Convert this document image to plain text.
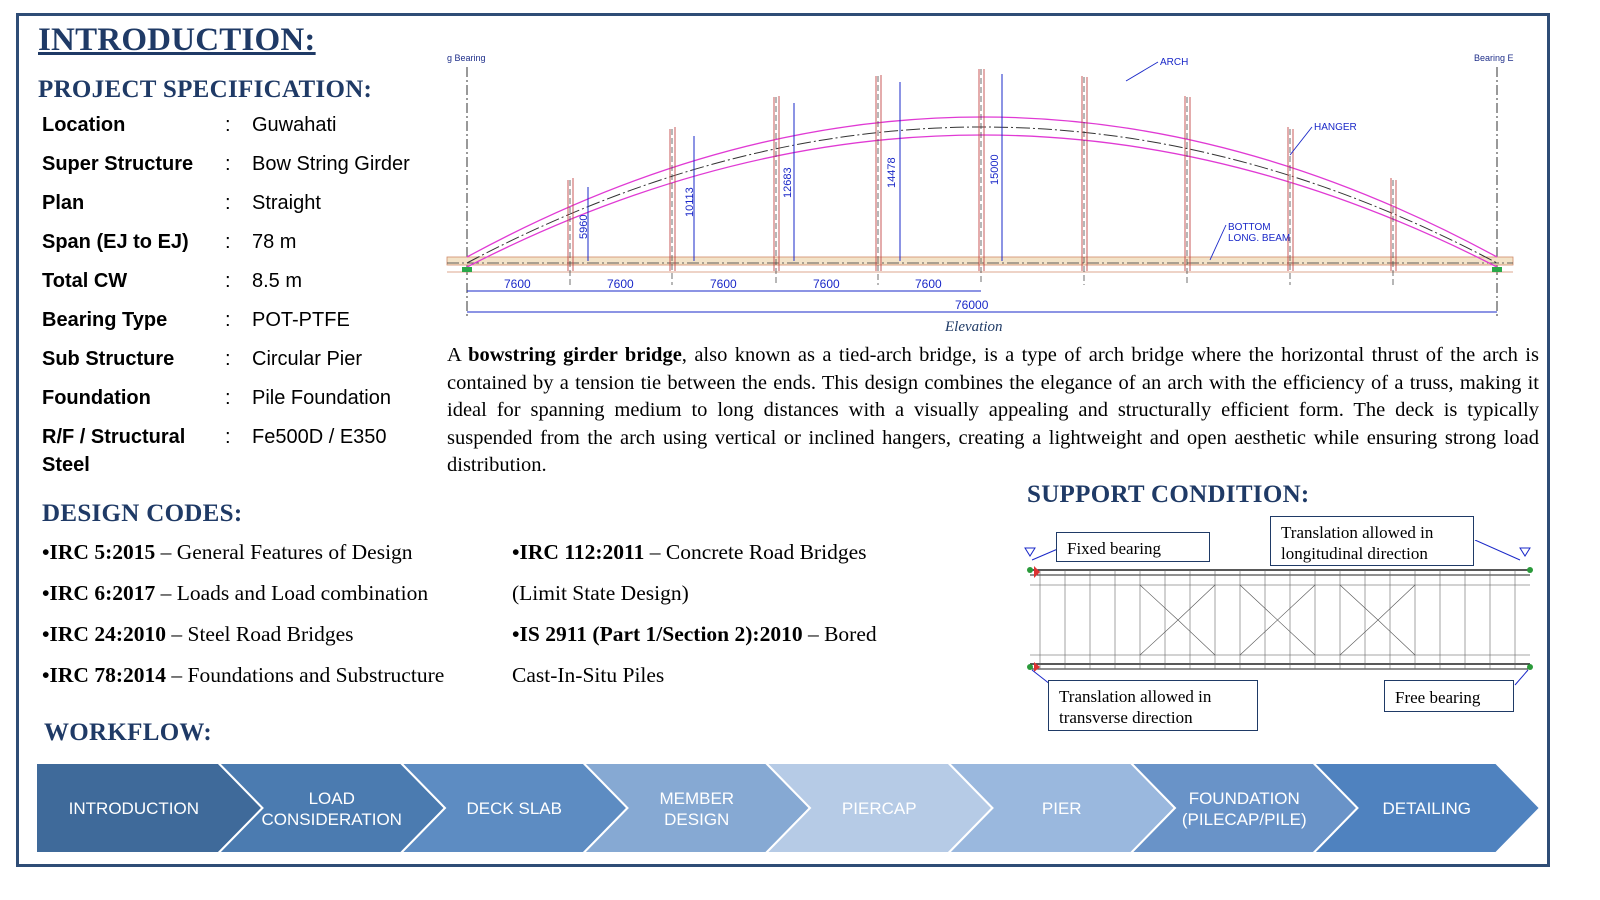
INTRODUCTION:
PROJECT SPECIFICATION:
Location	: Guwahati
Super Structure	: Bow String Girder
Plan	: Straight
Span (EJ to EJ)	: 78 m
Total CW	: 8.5 m
Bearing Type	: POT-PTFE
Sub Structure	: Circular Pier
Foundation	: Pile Foundation
R/F / Structural	: Fe500D / E350
Steel
g Bearing	Bearing E
5960
10113
12683	14478	15000
7600	7600	7600	7600	7600
76000
ARCH
HANGER
BOTTOM
LONG. BEAM
Elevation
A bowstring girder bridge, also known as a tied-arch bridge, is a type of arch bridge where the horizontal thrust of the arch is contained by a tension tie between the ends. This design combines the elegance of an arch with the efficiency of a truss, making it ideal for spanning medium to long distances with a visually appealing and structurally efficient form. The deck is typically suspended from the arch using vertical or inclined hangers, creating a lightweight and open aesthetic while ensuring strong load distribution.
DESIGN CODES:
•IRC 5:2015 – General Features of Design
•IRC 6:2017 – Loads and Load combination
•IRC 24:2010 – Steel Road Bridges
•IRC 78:2014 – Foundations and Substructure
•IRC 112:2011 – Concrete Road Bridges
(Limit State Design)
•IS 2911 (Part 1/Section 2):2010 – Bored
Cast-In-Situ Piles
SUPPORT CONDITION:
Fixed bearing
Translation allowed in
longitudinal direction
Translation allowed in
transverse direction
Free bearing
WORKFLOW:
INTRODUCTION
LOAD CONSIDERATION
DECK SLAB
MEMBER DESIGN
PIERCAP	PIER
FOUNDATION (PILECAP/PILE)
DETAILING
